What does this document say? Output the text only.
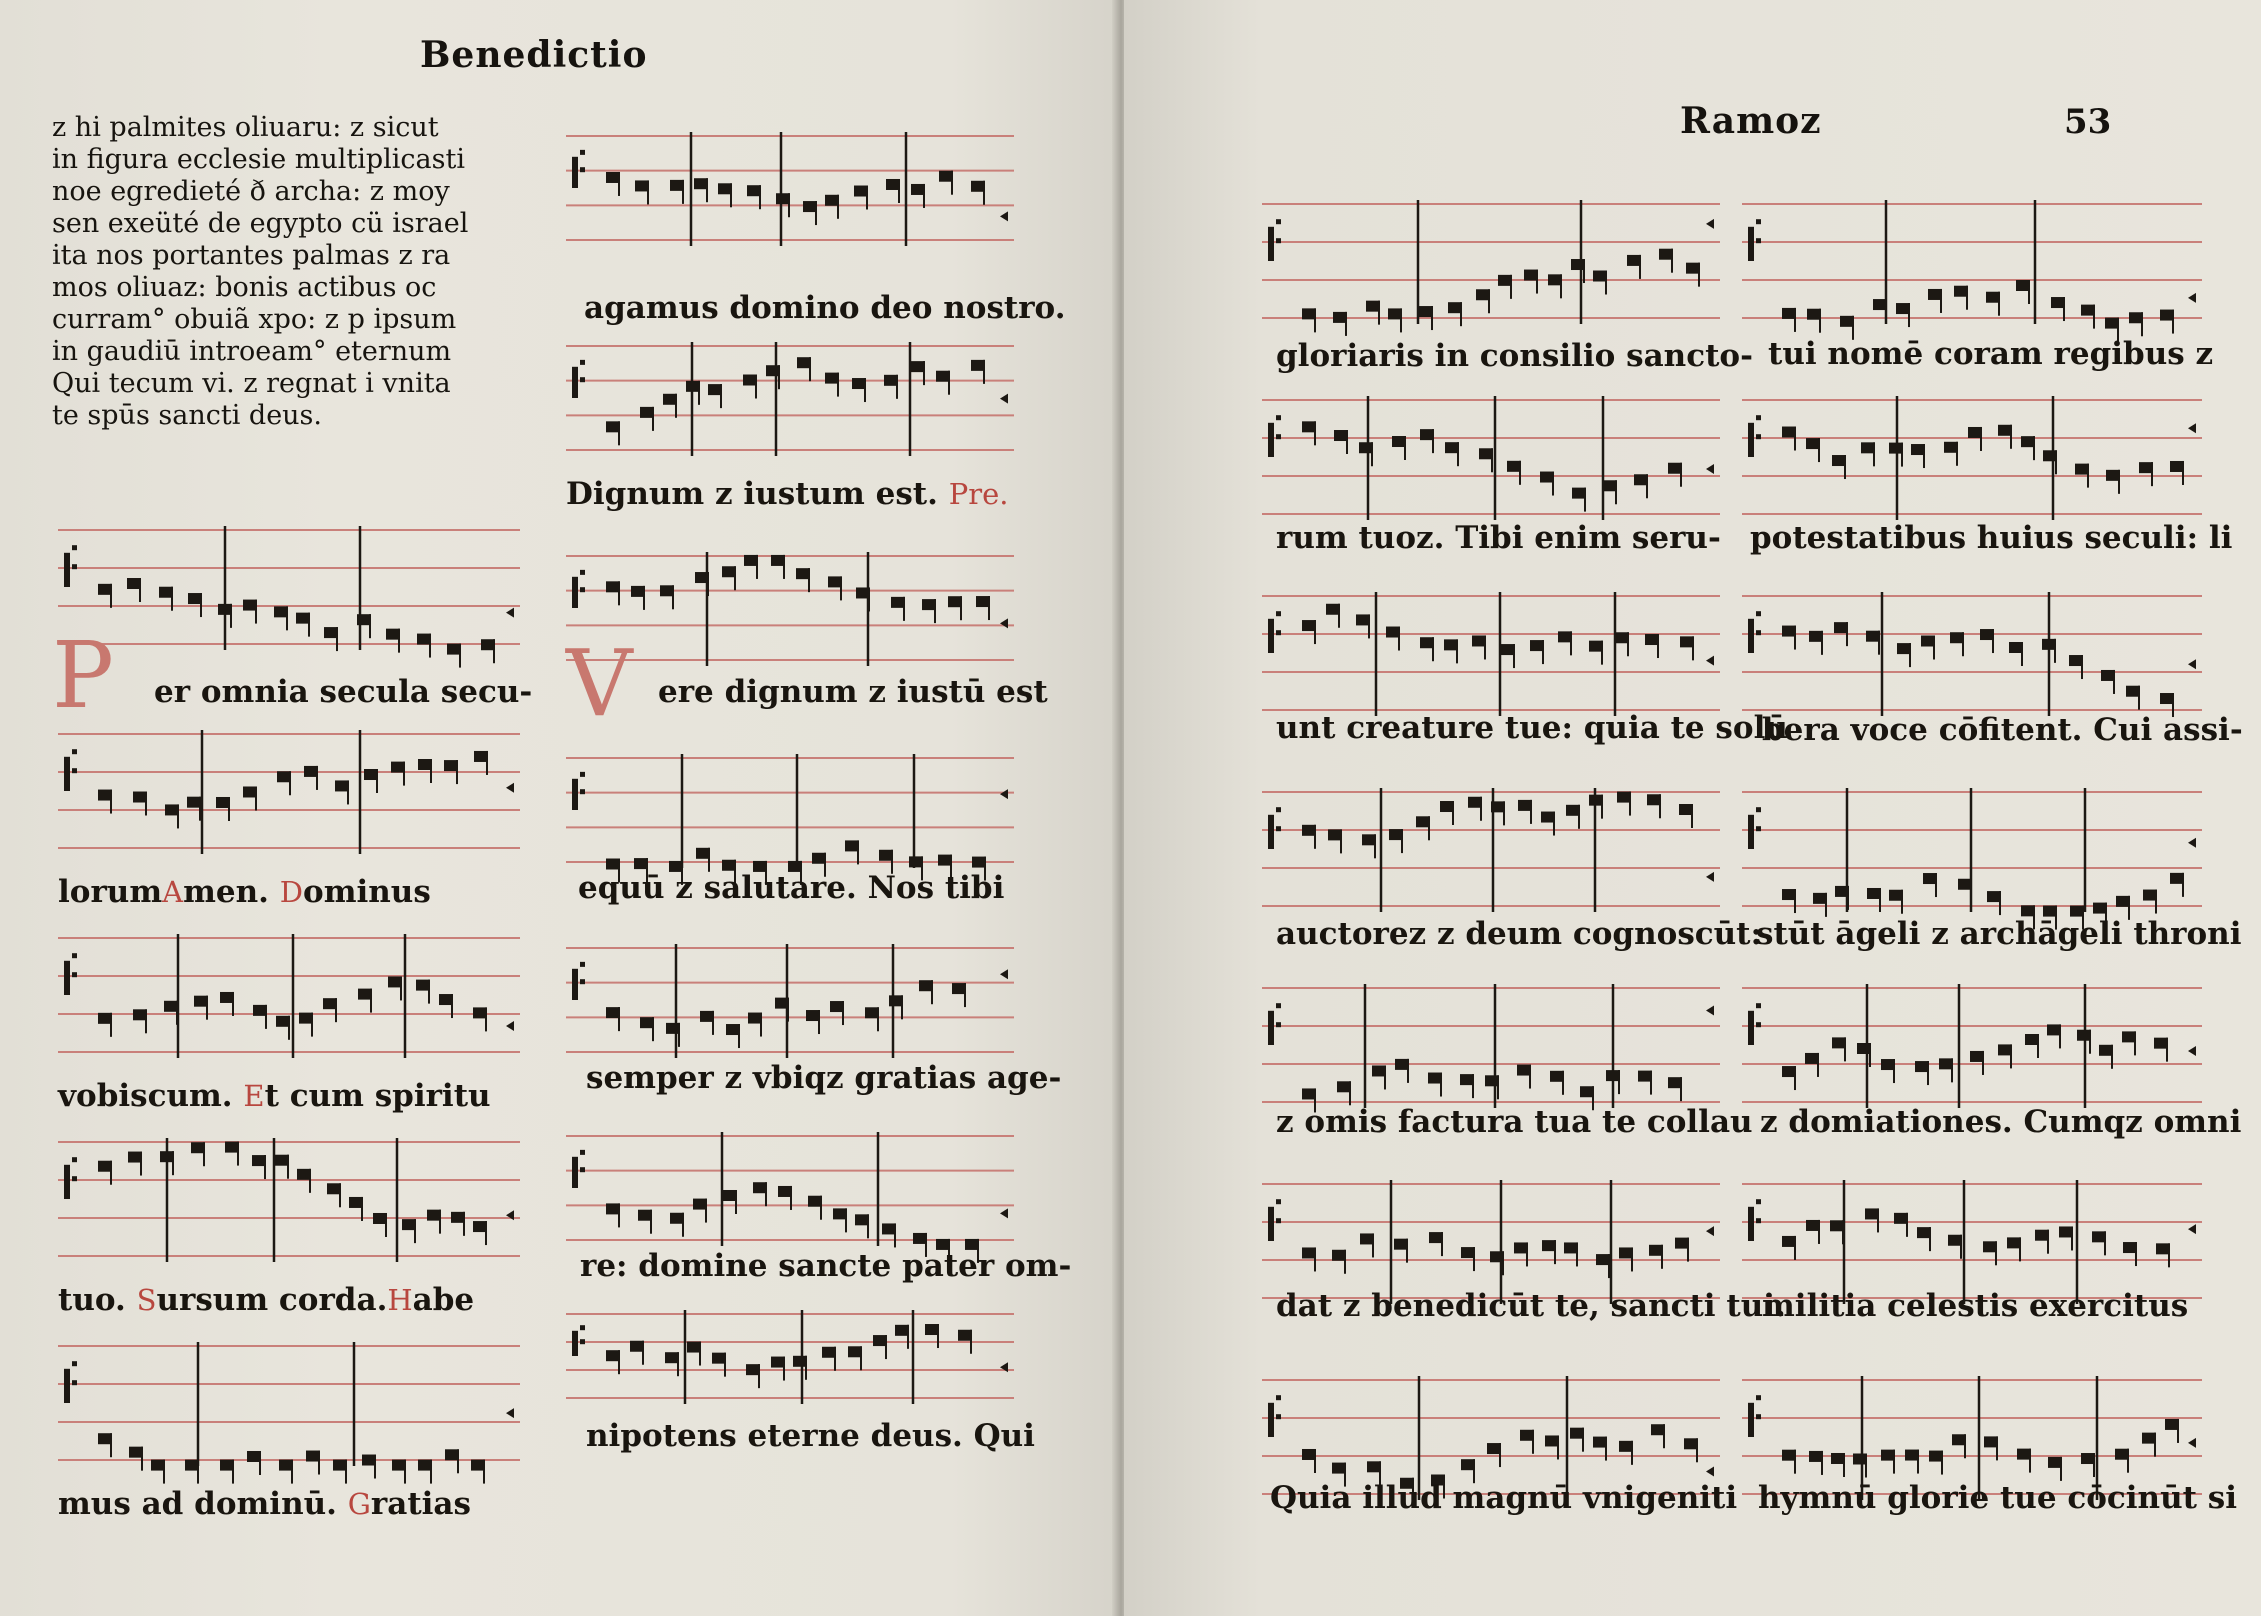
Benedictio
z hi palmites oliuaru: z sicut
in figura ecclesie multiplicasti
noe egredieté ð archa: z moy
sen exeüté de egypto cü israel
ita nos portantes palmas z ra
mos oliuaz: bonis actibus oc
curram° obuiã xpo: z p ipsum
in gaudiū introeam° eternum
Qui tecum vi. z regnat i vnita
te spūs sancti deus.
P er omnia secula secu-
lorumAmen. Dominus
vobiscum. Et cum spiritu
tuo. Sursum corda.Habe
mus ad dominū. Gratias
agamus domino deo nostro.
Dignum z iustum est. Pre.
V ere dignum z iustū est
equū z salutare. Nos tibi
semper z vbiqz gratias age-
re: domine sancte pater om-
nipotens eterne deus. Qui
Ramoz	53
gloriaris in consilio sancto-
rum tuoz. Tibi enim seru-
unt creature tue: quia te solū
auctorez z deum cognoscūt:
z omis factura tua te collau
dat z benedicūt te, sancti tui.
Quia illud magnū vnigeniti
tui nomē coram regibus z
potestatibus huius seculi: li
bera voce cōfitent. Cui assi-
stūt āgeli z archāgeli throni
z domiationes. Cumqz omni
militia celestis exercitus
hymnū glorie tue cōcinūt si
